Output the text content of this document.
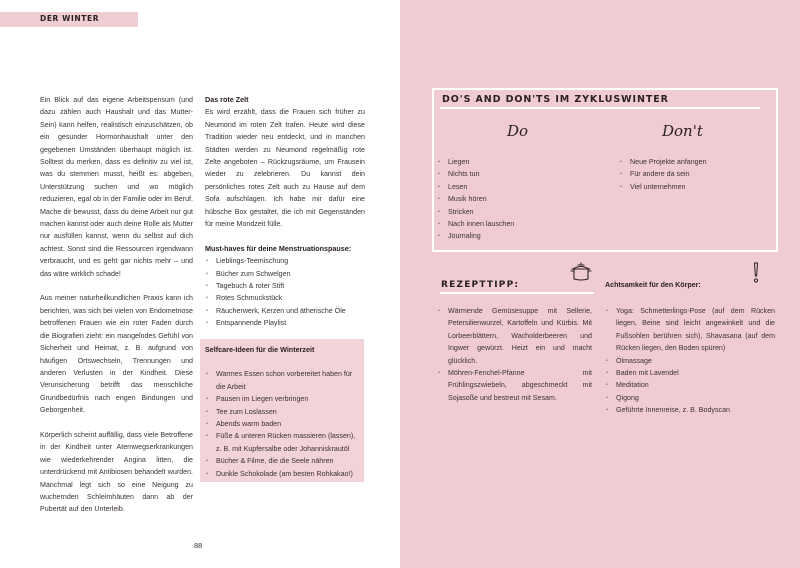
DER WINTER

Ein Blick auf das eigene Arbeitspensum (und dazu zählen auch Haushalt und das Mutter-Sein) kann helfen, realistisch einzuschätzen, ob ein gesunder Hormonhaushalt unter den gegebenen Umständen überhaupt möglich ist. Solltest du merken, dass es definitiv zu viel ist, was du stemmen musst, heißt es: abgeben, Unterstützung suchen und wo möglich reduzieren, egal ob in der Familie oder im Beruf. Mache dir bewusst, dass du deine Arbeit nur gut machen kannst oder auch deine Rolle als Mutter nur ausfüllen kannst, wenn du selbst auf dich achtest. Sonst sind die Ressourcen irgendwann verbraucht, und es geht gar nichts mehr – und das wäre wirklich schade!

Aus meiner naturheilkundlichen Praxis kann ich berichten, was sich bei vielen von Endometriose betroffenen Frauen wie ein roter Faden durch die Biografien zieht: ein mangelndes Gefühl von Sicherheit und Heimat, z. B. aufgrund von häufigen Ortswechseln, Trennungen und anderen Verlusten in der Kindheit. Diese Verunsicherung betrifft das menschliche Grundbedürfnis nach engen Bindungen und Geborgenheit.

Körperlich scheint auffällig, dass viele Betroffene in der Kindheit unter Atemwegserkrankungen wie wiederkehrender Angina litten, die unterdrückend mit Antibiosen behandelt wurden. Manchmal legt sich so eine Neigung zu wuchernden Schleimhäuten dann ab der Pubertät auf den Unterleib.

Das rote Zelt

Es wird erzählt, dass die Frauen sich früher zu Neumond im roten Zelt trafen. Heute wird diese Tradition wieder neu entdeckt, und in manchen Städten werden zu Neumond regelmäßig rote Zelte angeboten – Rückzugsräume, um Frausein wieder zu zelebrieren. Du kannst dein persönliches rotes Zelt auch zu Hause auf dem Sofa aufschlagen. Ich habe mir dafür eine hübsche Box gestaltet, die ich mit Gegenständen für meine Mondzeit fülle.

Must-haves für deine Menstruationspause:
• Lieblings-Teemischung
• Bücher zum Schwelgen
• Tagebuch & roter Stift
• Rotes Schmuckstück
• Räucherwerk, Kerzen und ätherische Öle
• Entspannende Playlist
Selfcare-Ideen für die Winterzeit
• Warmes Essen schon vorbereitet haben für die Arbeit
• Pausen im Liegen verbringen
• Tee zum Loslassen
• Abends warm baden
• Füße & unteren Rücken massieren (lassen), z. B. mit Kupfersalbe oder Johanniskrautöl
• Bücher & Filme, die die Seele nähren
• Dunkle Schokolade (am besten Rohkakao!)
88
DO'S AND DON'TS IM ZYKLUSWINTER
Do	Don't
• Liegen
• Nichts tun
• Lesen
• Musik hören
• Stricken
• Nach innen lauschen
• Journaling
• Neue Projekte anfangen
• Für andere da sein
• Viel unternehmen
REZEPTTIPP:
• Wärmende Gemüsesuppe mit Sellerie, Petersilienwurzel, Kartoffeln und Kürbis. Mit Lorbeerblättern, Wacholderbeeren und Ingwer gewürzt. Heizt ein und macht glücklich.
• Möhren-Fenchel-Pfanne mit Frühlingszwiebeln, abgeschmeckt mit Sojasoße und bestreut mit Sesam.
Achtsamkeit für den Körper:
• Yoga: Schmetterlings-Pose (auf dem Rücken liegen, Beine sind leicht angewinkelt und die Fußsohlen berühren sich), Shavasana (auf dem Rücken liegen, den Boden spüren)
• Ölmassage
• Baden mit Lavendel
• Meditation
• Qigong
• Geführte Innenreise, z. B. Bodyscan
